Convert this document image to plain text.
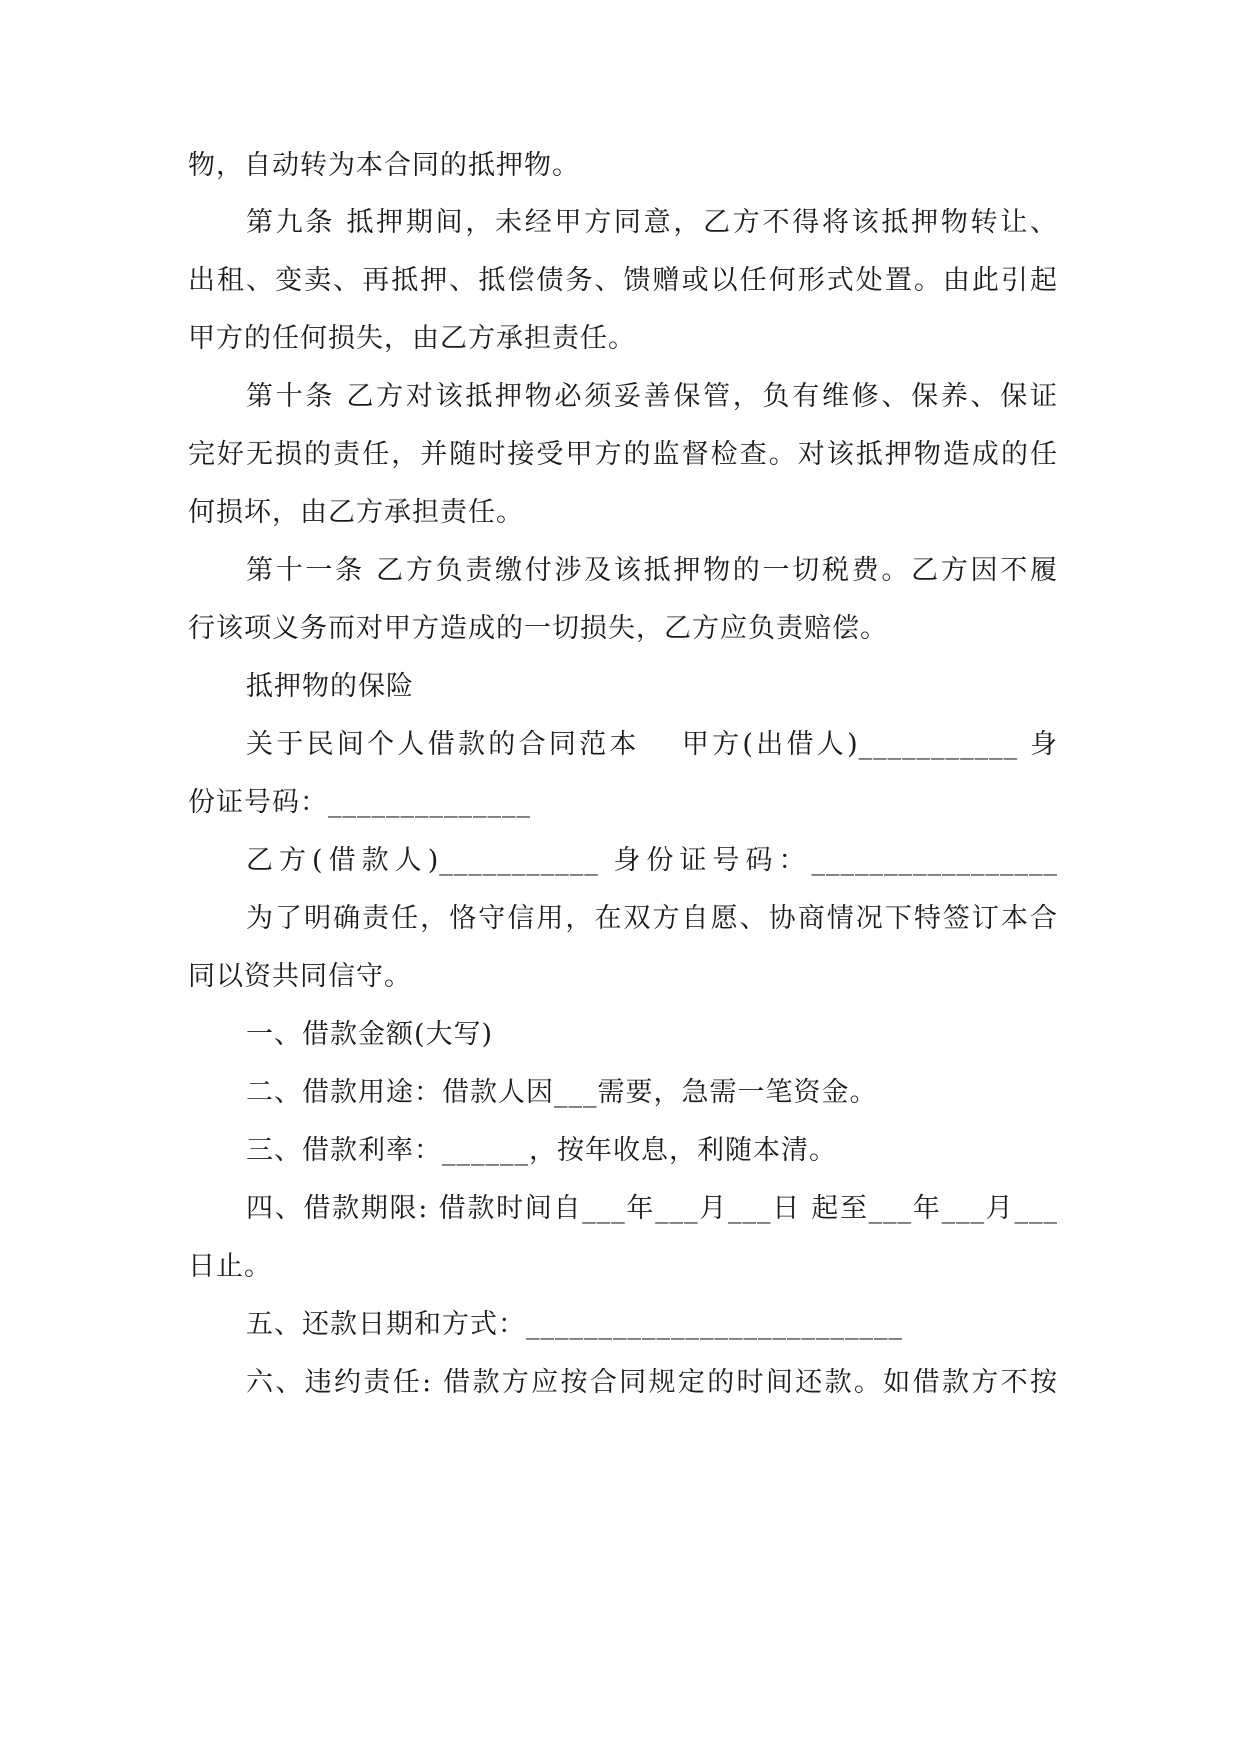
物，自动转为本合同的抵押物。
第九条 抵押期间，未经甲方同意，乙方不得将该抵押物转让、
出租、变卖、再抵押、抵偿债务、馈赠或以任何形式处置。由此引起
甲方的任何损失，由乙方承担责任。
第十条 乙方对该抵押物必须妥善保管，负有维修、保养、保证
完好无损的责任，并随时接受甲方的监督检查。对该抵押物造成的任
何损坏，由乙方承担责任。
第十一条 乙方负责缴付涉及该抵押物的一切税费。乙方因不履
行该项义务而对甲方造成的一切损失，乙方应负责赔偿。
抵押物的保险
关于民间个人借款的合同范本　 甲方(出借人)___________ 身
份证号码：______________
乙方(借款人)___________ 身份证号码：_________________
为了明确责任，恪守信用，在双方自愿、协商情况下特签订本合
同以资共同信守。
一、借款金额(大写)
二、借款用途：借款人因___需要，急需一笔资金。
三、借款利率：______，按年收息，利随本清。
四、借款期限: 借款时间自___年___月___日 起至___年___月___
日止。
五、还款日期和方式：__________________________
六、违约责任: 借款方应按合同规定的时间还款。如借款方不按
